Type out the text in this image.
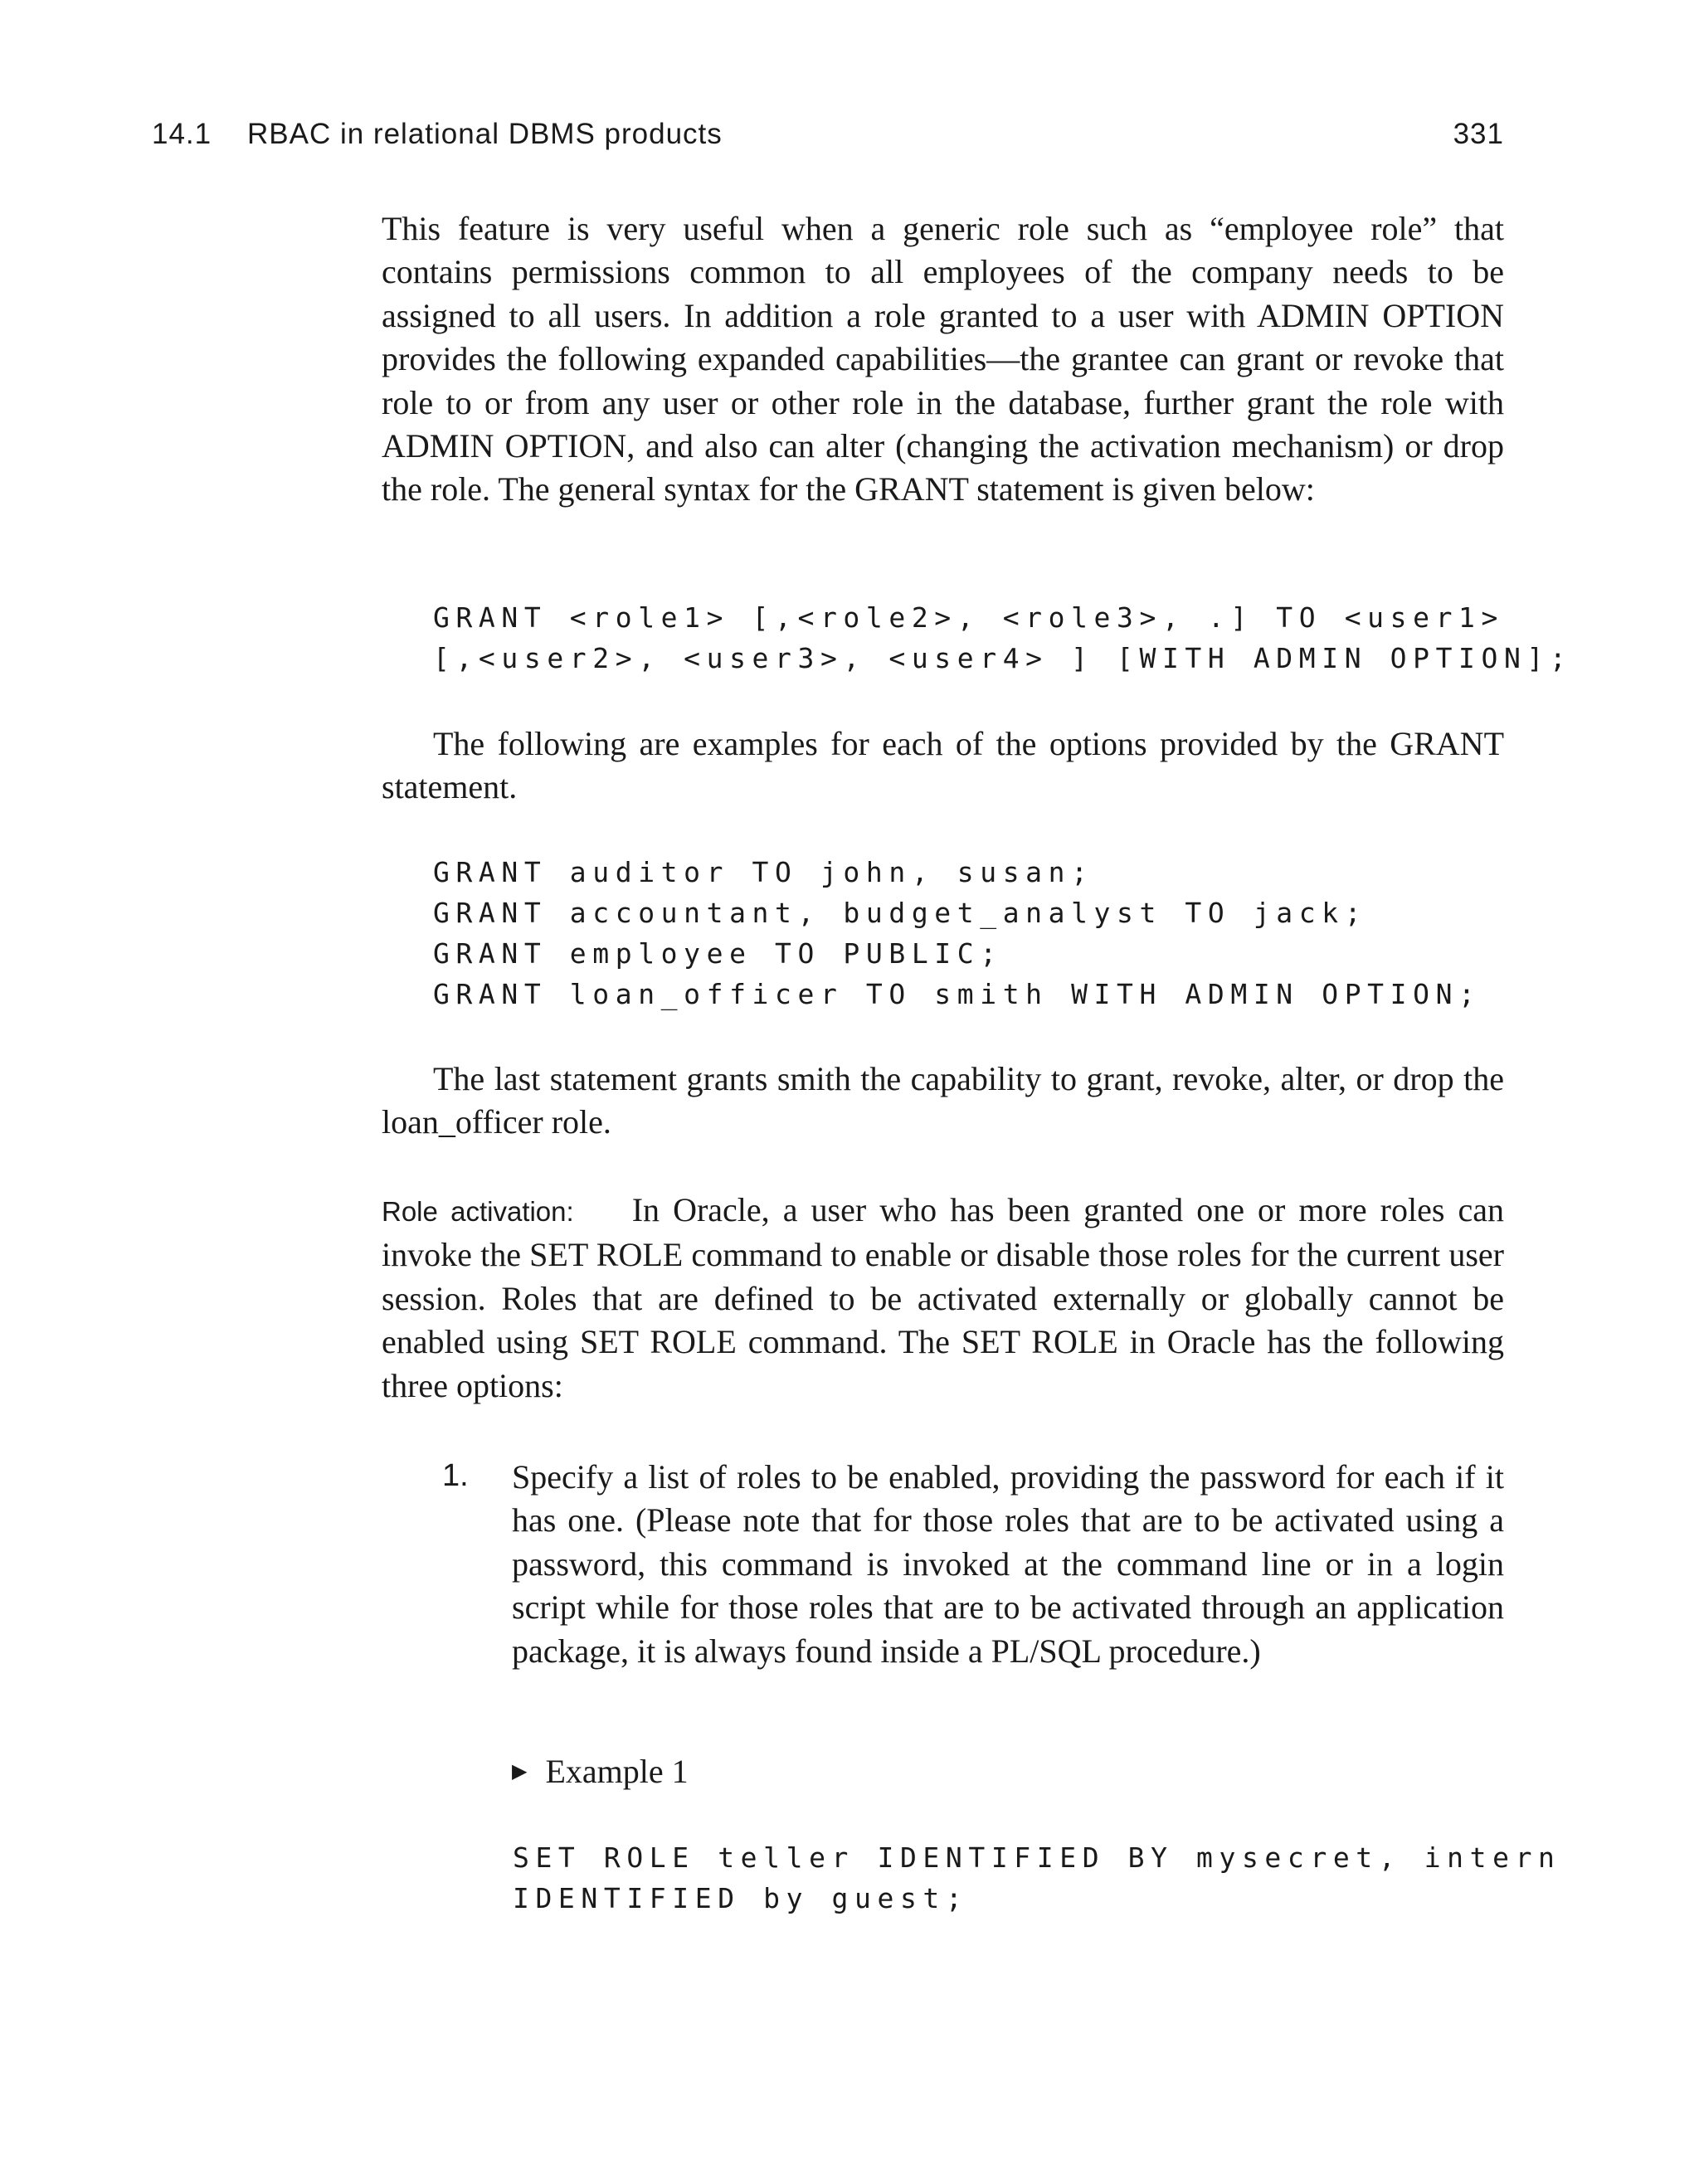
14.1 RBAC in relational DBMS products	331

This feature is very useful when a generic role such as “employee role” that contains permissions common to all employees of the company needs to be assigned to all users. In addition a role granted to a user with ADMIN OPTION provides the following expanded capabilities—the grantee can grant or revoke that role to or from any user or other role in the database, further grant the role with ADMIN OPTION, and also can alter (changing the activation mechanism) or drop the role. The general syntax for the GRANT statement is given below:

GRANT <role1> [,<role2>, <role3>, .] TO <user1>
[,<user2>, <user3>, <user4> ] [WITH ADMIN OPTION];

The following are examples for each of the options provided by the GRANT statement.

GRANT auditor TO john, susan;
GRANT accountant, budget_analyst TO jack;
GRANT employee TO PUBLIC;
GRANT loan_officer TO smith WITH ADMIN OPTION;

The last statement grants smith the capability to grant, revoke, alter, or drop the loan_officer role.

Role activation: In Oracle, a user who has been granted one or more roles can invoke the SET ROLE command to enable or disable those roles for the current user session. Roles that are defined to be activated externally or globally cannot be enabled using SET ROLE command. The SET ROLE in Oracle has the following three options:

1. Specify a list of roles to be enabled, providing the password for each if it has one. (Please note that for those roles that are to be activated using a password, this command is invoked at the command line or in a login script while for those roles that are to be activated through an application package, it is always found inside a PL/SQL procedure.)

▶ Example 1
SET ROLE teller IDENTIFIED BY mysecret, intern
IDENTIFIED by guest;
